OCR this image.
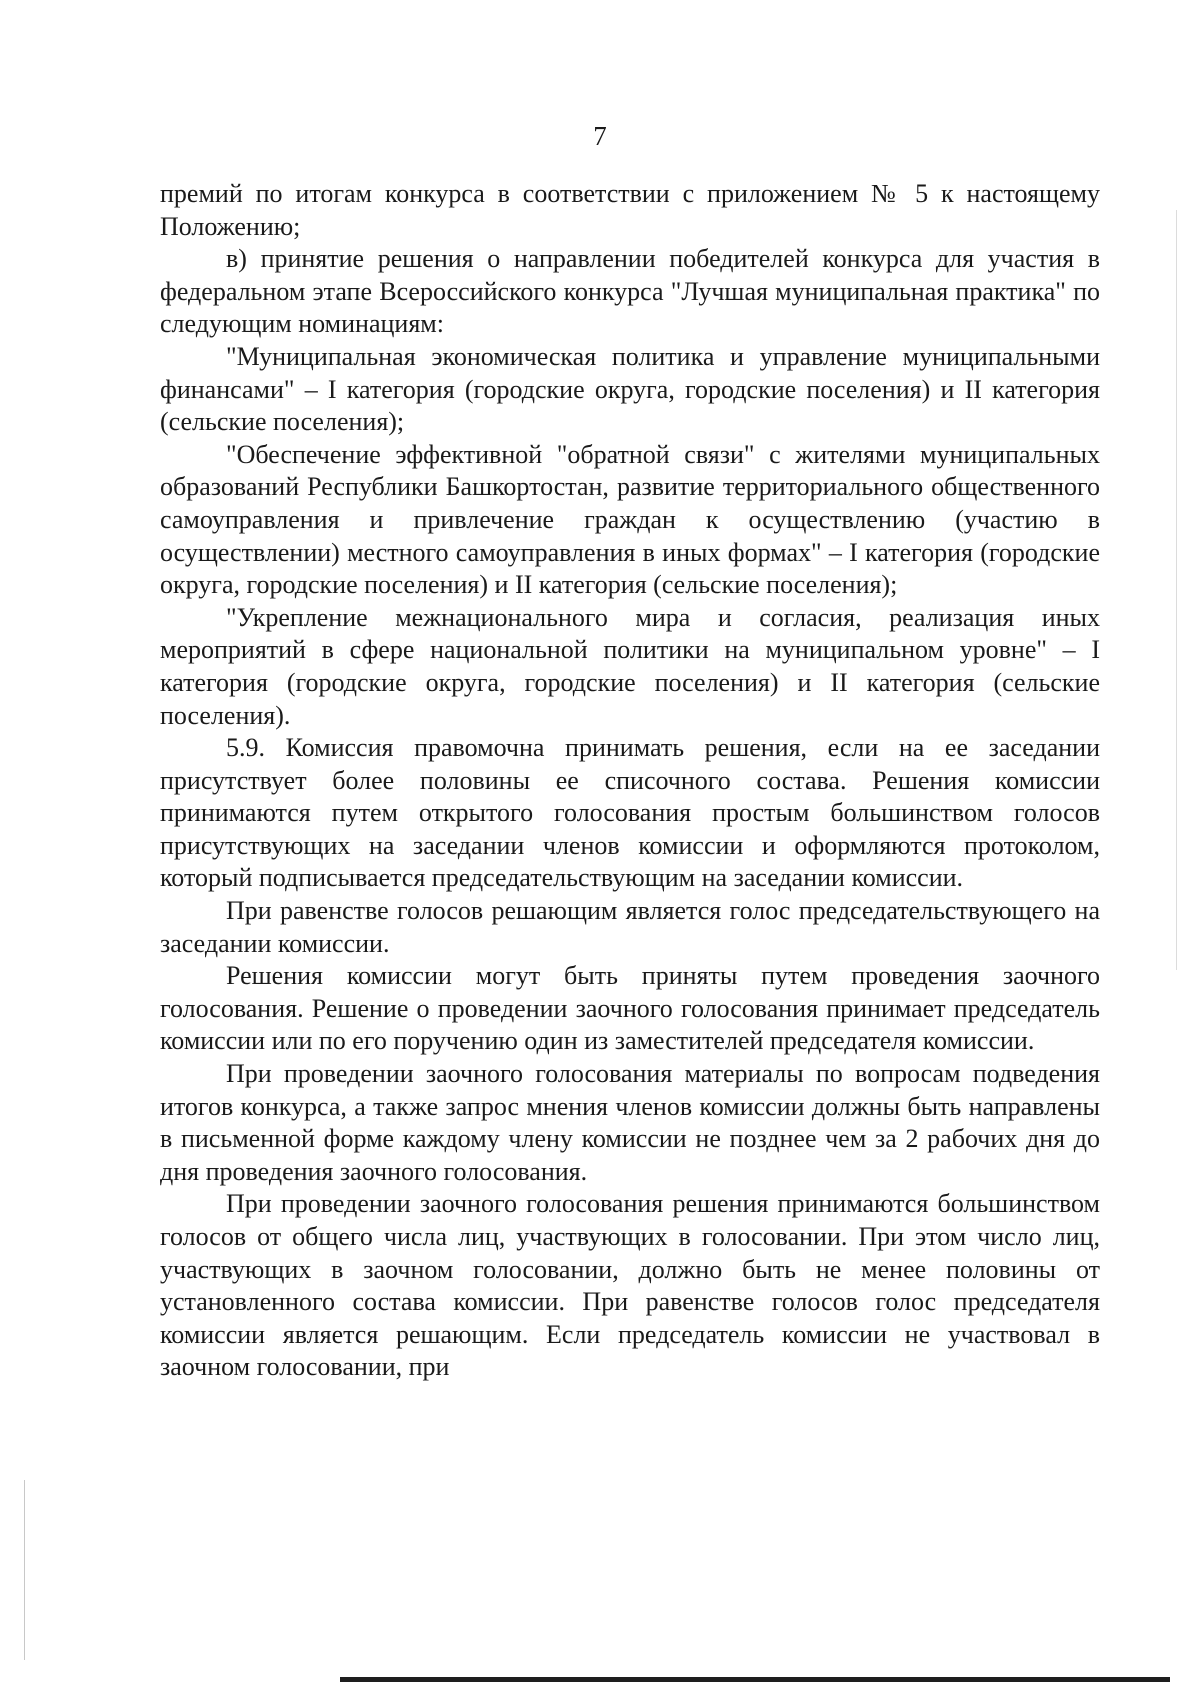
7

премий по итогам конкурса в соответствии с приложением № 5 к настоящему Положению;

в) принятие решения о направлении победителей конкурса для участия в федеральном этапе Всероссийского конкурса "Лучшая муниципальная практика" по следующим номинациям:

"Муниципальная экономическая политика и управление муниципальными финансами" – I категория (городские округа, городские поселения) и II категория (сельские поселения);

"Обеспечение эффективной "обратной связи" с жителями муниципальных образований Республики Башкортостан, развитие территориального общественного самоуправления и привлечение граждан к осуществлению (участию в осуществлении) местного самоуправления в иных формах" – I категория (городские округа, городские поселения) и II категория (сельские поселения);

"Укрепление межнационального мира и согласия, реализация иных мероприятий в сфере национальной политики на муниципальном уровне" – I категория (городские округа, городские поселения) и II категория (сельские поселения).

5.9. Комиссия правомочна принимать решения, если на ее заседании присутствует более половины ее списочного состава. Решения комиссии принимаются путем открытого голосования простым большинством голосов присутствующих на заседании членов комиссии и оформляются протоколом, который подписывается председательствующим на заседании комиссии.

При равенстве голосов решающим является голос председательствующего на заседании комиссии.

Решения комиссии могут быть приняты путем проведения заочного голосования. Решение о проведении заочного голосования принимает председатель комиссии или по его поручению один из заместителей председателя комиссии.

При проведении заочного голосования материалы по вопросам подведения итогов конкурса, а также запрос мнения членов комиссии должны быть направлены в письменной форме каждому члену комиссии не позднее чем за 2 рабочих дня до дня проведения заочного голосования.

При проведении заочного голосования решения принимаются большинством голосов от общего числа лиц, участвующих в голосовании. При этом число лиц, участвующих в заочном голосовании, должно быть не менее половины от установленного состава комиссии. При равенстве голосов голос председателя комиссии является решающим. Если председатель комиссии не участвовал в заочном голосовании, при
